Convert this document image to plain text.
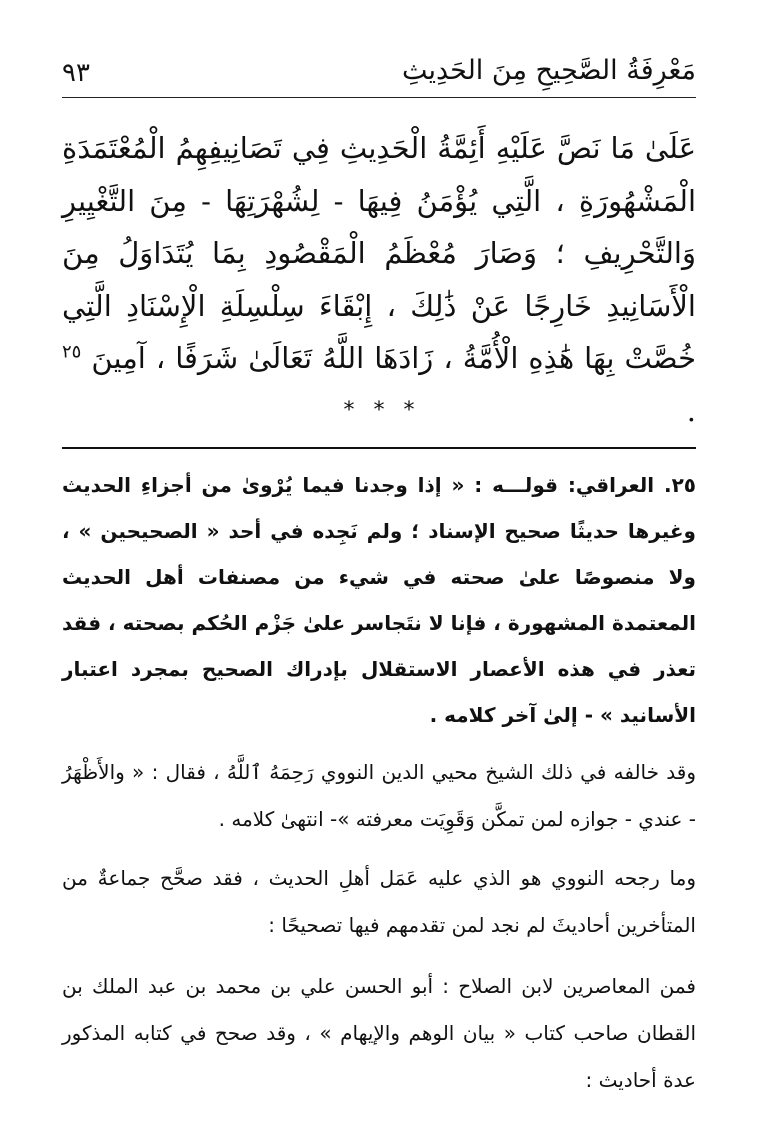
مَعْرِفَةُ الصَّحِيحِ مِنَ الحَدِيثِ
٩٣

عَلَىٰ مَا نَصَّ عَلَيْهِ أَئِمَّةُ الْحَدِيثِ فِي تَصَانِيفِهِمُ الْمُعْتَمَدَةِ الْمَشْهُورَةِ ، الَّتِي يُؤْمَنُ فِيهَا - لِشُهْرَتِهَا - مِنَ التَّغْيِيرِ وَالتَّحْرِيفِ ؛ وَصَارَ مُعْظَمُ الْمَقْصُودِ بِمَا يُتَدَاوَلُ مِنَ الْأَسَانِيدِ خَارِجًا عَنْ ذَٰلِكَ ، إِبْقَاءَ سِلْسِلَةِ الْإِسْنَادِ الَّتِي خُصَّتْ بِهَا هَٰذِهِ الْأُمَّةُ ، زَادَهَا اللَّهُ تَعَالَىٰ شَرَفًا ، آمِينَ $^{٢٥}$ .

* * *

٢٥. العراقي: قولـــه : « إذا وجدنا فيما يُرْوىٰ من أجزاءِ الحديث وغيرها حديثًا صحيح الإسناد ؛ ولم نَجِده في أحد « الصحيحين » ، ولا منصوصًا علىٰ صحته في شيء من مصنفات أهل الحديث المعتمدة المشهورة ، فإنا لا نتَجاسر علىٰ جَزْم الحُكم بصحته ، فقد تعذر في هذه الأعصار الاستقلال بإدراك الصحيح بمجرد اعتبار الأسانيد » - إلىٰ آخر كلامه .

وقد خالفه في ذلك الشيخ محيي الدين النووي رَحِمَهُ ٱللَّهُ ، فقال : « والأَظْهَرُ - عندي - جوازه لمن تمكَّن وَقَوِيَت معرفته »- انتهىٰ كلامه .

وما رجحه النووي هو الذي عليه عَمَل أهلِ الحديث ، فقد صحَّح جماعةٌ من المتأخرين أحاديثَ لم نجد لمن تقدمهم فيها تصحيحًا :

فمن المعاصرين لابن الصلاح : أبو الحسن علي بن محمد بن عبد الملك بن القطان صاحب كتاب « بيان الوهم والإيهام » ، وقد صحح في كتابه المذكور عدة أحاديث :
